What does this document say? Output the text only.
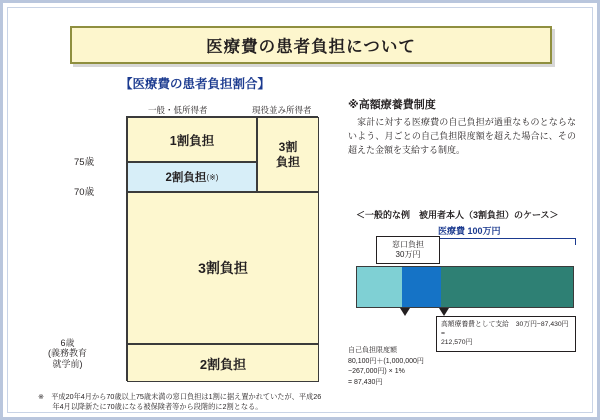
医療費の患者負担について
【医療費の患者負担割合】
一般・低所得者	現役並み所得者
1割負担
2割負担 (※)
3割
負担
3割負担
2割負担
75歳
70歳
6歳
(義務教育
就学前)
※　平成20年4月から70歳以上75歳未満の窓口負担は1割に据え置かれていたが、平成26
　　年4月以降新たに70歳になる被保険者等から段階的に2割となる。
※高額療養費制度
　家計に対する医療費の自己負担が過重なものとならないよう、月ごとの自己負担限度額を超えた場合に、その超えた金額を支給する制度。
＜一般的な例　被用者本人（3割負担）のケース＞
医療費 100万円
窓口負担
30万円
高額療養費として支給　30万円−87,430円 =
212,570円
自己負担限度額
80,100円＋(1,000,000円−267,000円) × 1%
= 87,430円
